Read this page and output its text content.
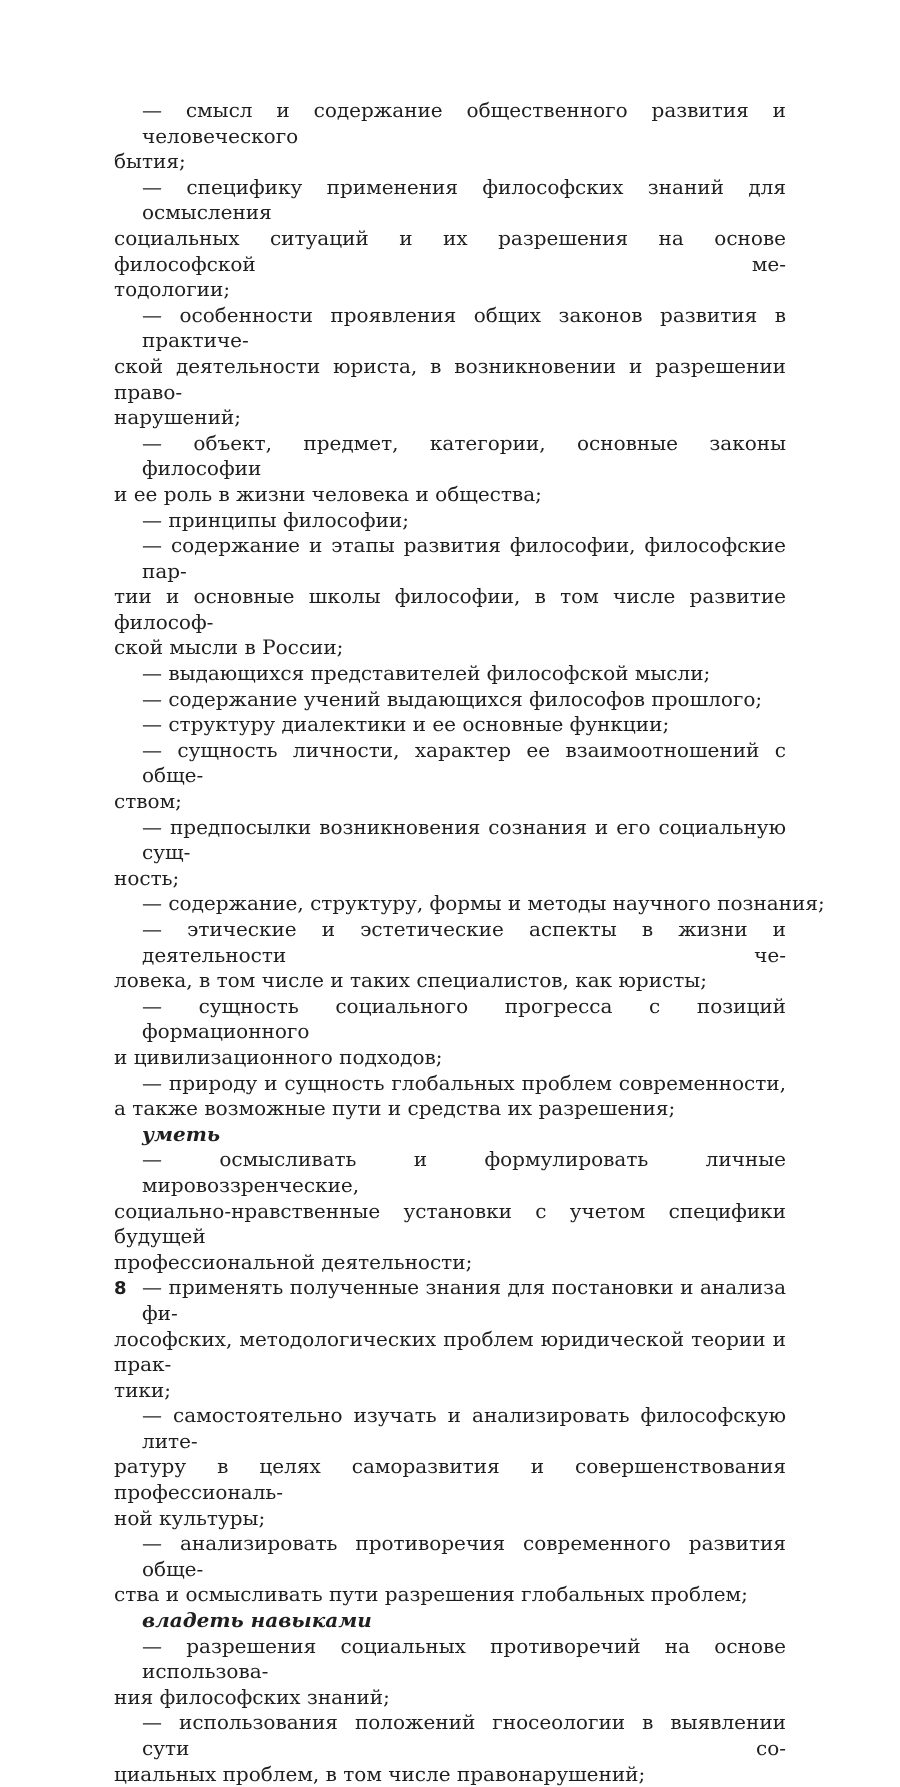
— смысл и содержание общественного развития и человеческого
бытия;
— специфику применения философских знаний для осмысления
социальных ситуаций и их разрешения на основе философской ме-
тодологии;
— особенности проявления общих законов развития в практиче-
ской деятельности юриста, в возникновении и разрешении право-
нарушений;
— объект, предмет, категории, основные законы философии
и ее роль в жизни человека и общества;
— принципы философии;
— содержание и этапы развития философии, философские пар-
тии и основные школы философии, в том числе развитие философ-
ской мысли в России;
— выдающихся представителей философской мысли;
— содержание учений выдающихся философов прошлого;
— структуру диалектики и ее основные функции;
— сущность личности, характер ее взаимоотношений с обще-
ством;
— предпосылки возникновения сознания и его социальную сущ-
ность;
— содержание, структуру, формы и методы научного познания;
— этические и эстетические аспекты в жизни и деятельности че-
ловека, в том числе и таких специалистов, как юристы;
— сущность социального прогресса с позиций формационного
и цивилизационного подходов;
— природу и сущность глобальных проблем современности,
а также возможные пути и средства их разрешения;
уметь
— осмысливать и формулировать личные мировоззренческие,
социально-нравственные установки с учетом специфики будущей
профессиональной деятельности;
— применять полученные знания для постановки и анализа фи-
лософских, методологических проблем юридической теории и прак-
тики;
— самостоятельно изучать и анализировать философскую лите-
ратуру в целях саморазвития и совершенствования профессиональ-
ной культуры;
— анализировать противоречия современного развития обще-
ства и осмысливать пути разрешения глобальных проблем;
владеть навыками
— разрешения социальных противоречий на основе использова-
ния философских знаний;
— использования положений гносеологии в выявлении сути со-
циальных проблем, в том числе правонарушений;
8
